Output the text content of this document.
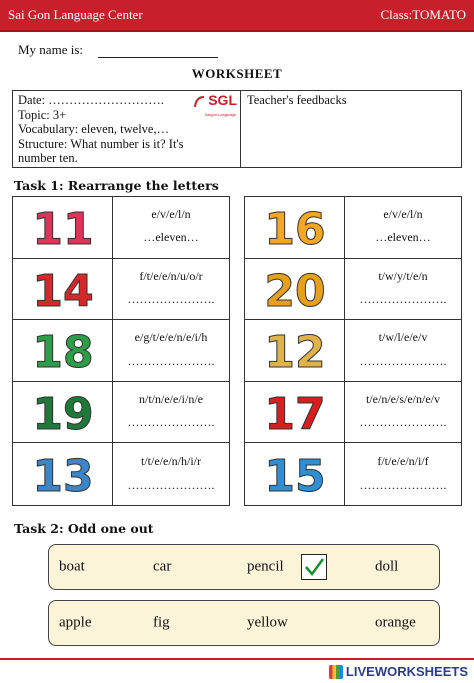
Sai Gon Language Center	Class:TOMATO
My name is:
WORKSHEET
Date: ……………………….
Topic: 3+
Vocabulary: eleven, twelve,…
Structure: What number is it? It's
number ten.
SGL
Saigon Language
Teacher's feedbacks
Task 1: Rearrange the letters
11	e/v/e/l/n
…eleven…
14	f/t/e/e/n/u/o/r
………………….
18	e/g/t/e/e/n/e/i/h
………………….
19	n/t/n/e/e/i/n/e
………………….
13	t/t/e/e/n/h/i/r
………………….
16	e/v/e/l/n
…eleven…
20	t/w/y/t/e/n
………………….
12	t/w/l/e/e/v
………………….
17	t/e/n/e/s/e/n/e/v
………………….
15	f/t/e/e/n/i/f
………………….
Task 2: Odd one out
boat	car	pencil	doll
apple	fig	yellow	orange
LIVEWORKSHEETS
